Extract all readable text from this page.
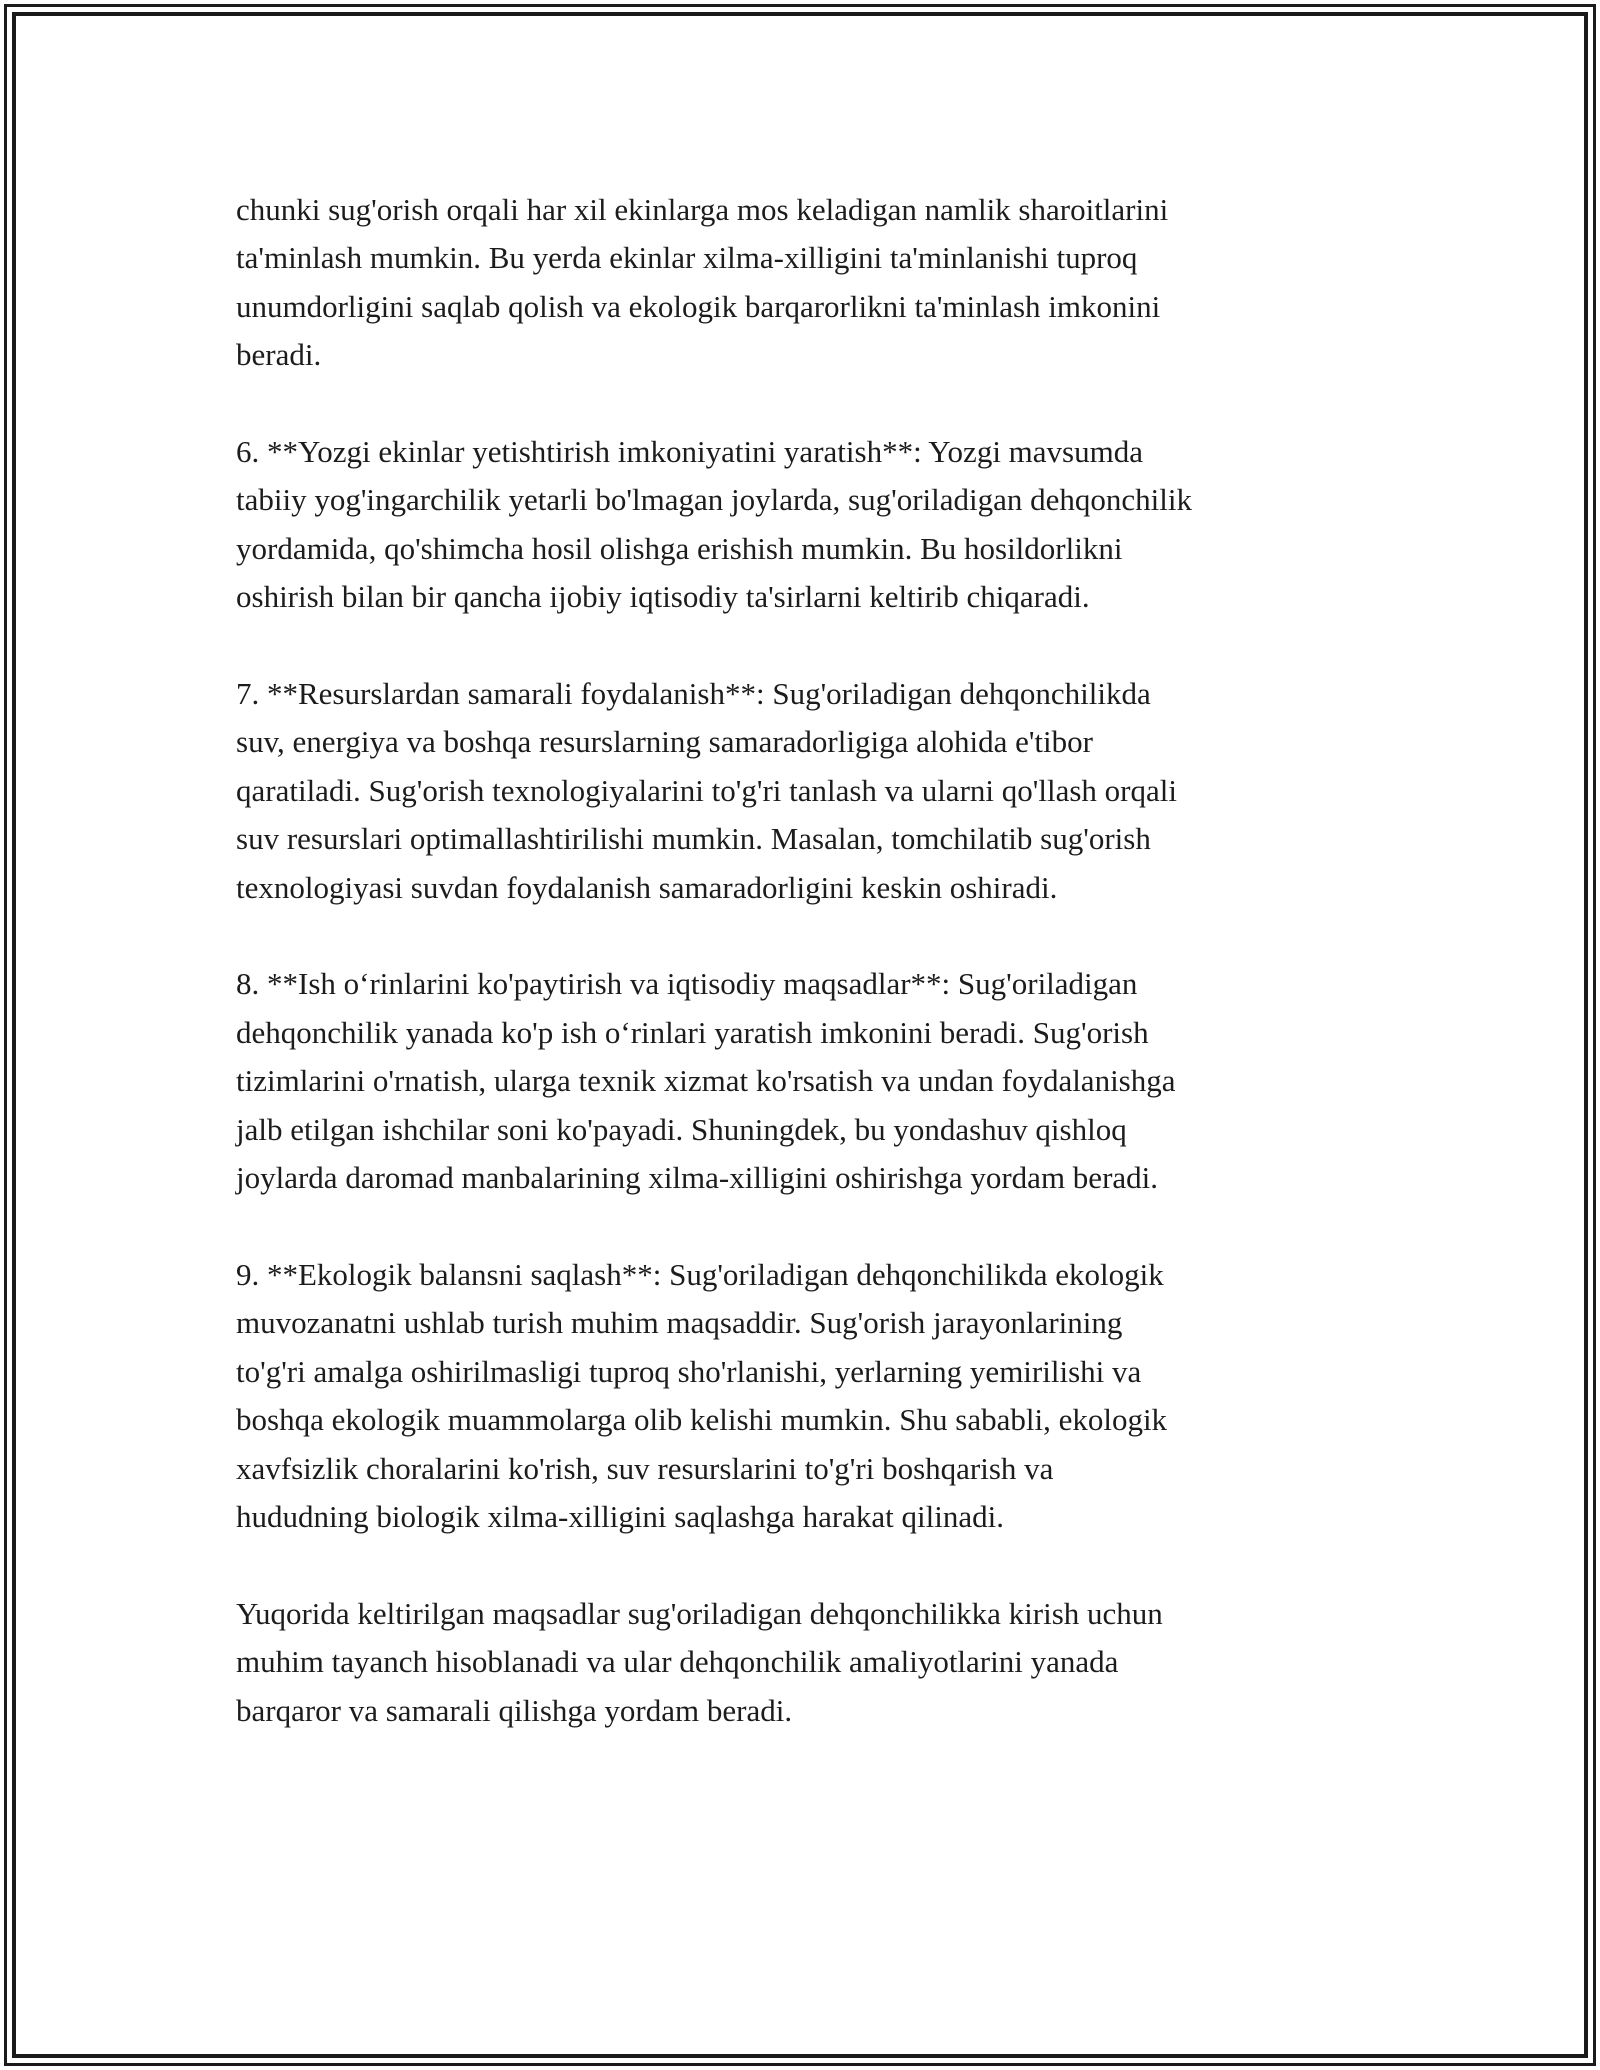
chunki sug'orish orqali har xil ekinlarga mos keladigan namlik sharoitlarini
ta'minlash mumkin. Bu yerda ekinlar xilma-xilligini ta'minlanishi tuproq
unumdorligini saqlab qolish va ekologik barqarorlikni ta'minlash imkonini
beradi.

6. **Yozgi ekinlar yetishtirish imkoniyatini yaratish**: Yozgi mavsumda
tabiiy yog'ingarchilik yetarli bo'lmagan joylarda, sug'oriladigan dehqonchilik
yordamida, qo'shimcha hosil olishga erishish mumkin. Bu hosildorlikni
oshirish bilan bir qancha ijobiy iqtisodiy ta'sirlarni keltirib chiqaradi.

7. **Resurslardan samarali foydalanish**: Sug'oriladigan dehqonchilikda
suv, energiya va boshqa resurslarning samaradorligiga alohida e'tibor
qaratiladi. Sug'orish texnologiyalarini to'g'ri tanlash va ularni qo'llash orqali
suv resurslari optimallashtirilishi mumkin. Masalan, tomchilatib sug'orish
texnologiyasi suvdan foydalanish samaradorligini keskin oshiradi.

8. **Ish o‘rinlarini ko'paytirish va iqtisodiy maqsadlar**: Sug'oriladigan
dehqonchilik yanada ko'p ish o‘rinlari yaratish imkonini beradi. Sug'orish
tizimlarini o'rnatish, ularga texnik xizmat ko'rsatish va undan foydalanishga
jalb etilgan ishchilar soni ko'payadi. Shuningdek, bu yondashuv qishloq
joylarda daromad manbalarining xilma-xilligini oshirishga yordam beradi.

9. **Ekologik balansni saqlash**: Sug'oriladigan dehqonchilikda ekologik
muvozanatni ushlab turish muhim maqsaddir. Sug'orish jarayonlarining
to'g'ri amalga oshirilmasligi tuproq sho'rlanishi, yerlarning yemirilishi va
boshqa ekologik muammolarga olib kelishi mumkin. Shu sababli, ekologik
xavfsizlik choralarini ko'rish, suv resurslarini to'g'ri boshqarish va
hududning biologik xilma-xilligini saqlashga harakat qilinadi.

Yuqorida keltirilgan maqsadlar sug'oriladigan dehqonchilikka kirish uchun
muhim tayanch hisoblanadi va ular dehqonchilik amaliyotlarini yanada
barqaror va samarali qilishga yordam beradi.
